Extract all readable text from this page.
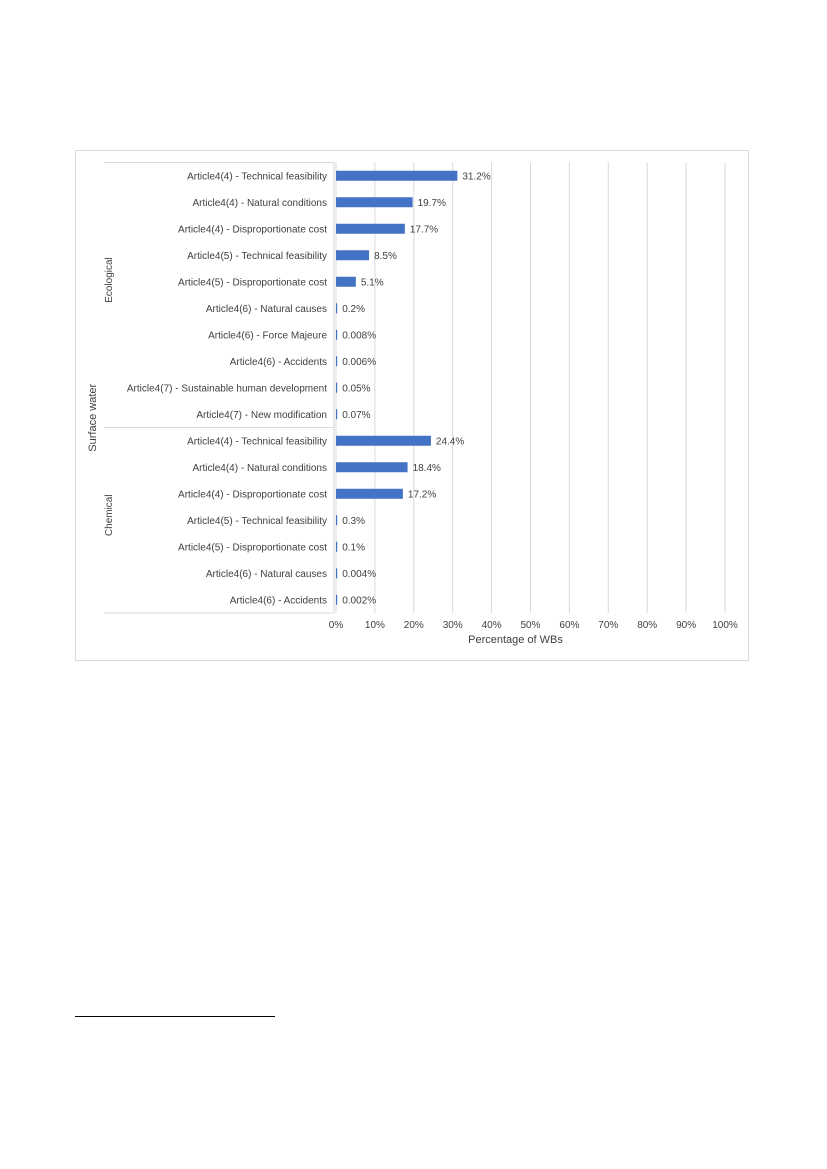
0% 10% 20% 30% 40% 50% 60% 70% 80% 90% 100%
Percentage of WBs
Ecological
Chemical
Surface water
Article4(4) - Technical feasibility	31.2%
Article4(4) - Natural conditions	19.7%
Article4(4) - Disproportionate cost	17.7%
Article4(5) - Technical feasibility	8.5%
Article4(5) - Disproportionate cost	5.1%
Article4(6) - Natural causes 0.2%
Article4(6) - Force Majeure 0.008%
Article4(6) - Accidents 0.006%
Article4(7) - Sustainable human development 0.05%
Article4(7) - New modification 0.07%
Article4(4) - Technical feasibility	24.4%
Article4(4) - Natural conditions	18.4%
Article4(4) - Disproportionate cost	17.2%
Article4(5) - Technical feasibility 0.3%
Article4(5) - Disproportionate cost 0.1%
Article4(6) - Natural causes 0.004%
Article4(6) - Accidents 0.002%
